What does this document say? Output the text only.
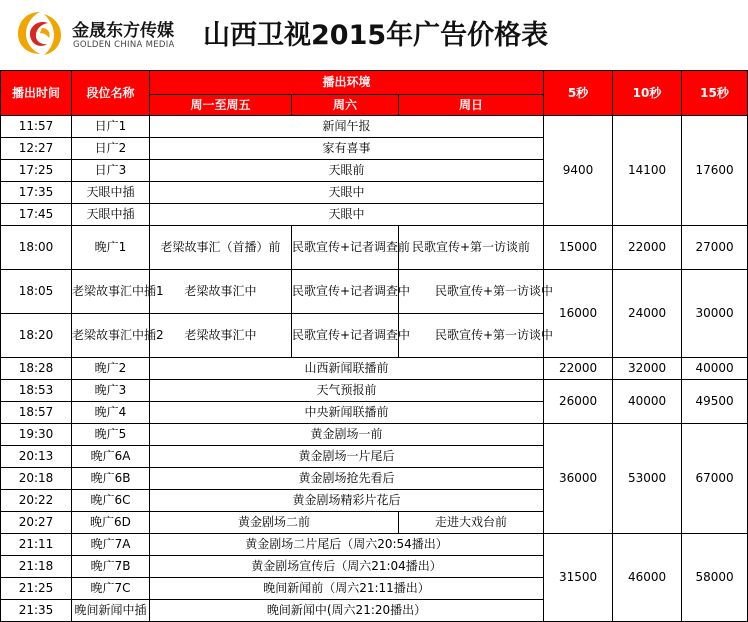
金晟东方传媒
GOLDEN CHINA MEDIA 山西卫视2015年广告价格表
播出时间	段位名称	播出环境			5秒	10秒	15秒
		周一至周五	周六	周日			
11:57	日广1	新闻午报			9400	14100	17600
12:27	日广2	家有喜事					
17:25	日广3	天眼前					
17:35	天眼中插	天眼中					
17:45	天眼中插	天眼中					
18:00	晚广1	老梁故事汇（首播）前	民歌宣传+记者调查前	民歌宣传+第一访谈前	15000	22000	27000
18:05	老梁故事汇中插1	老梁故事汇中	民歌宣传+记者调查中	民歌宣传+第一访谈中	16000	24000	30000
18:20	老梁故事汇中插2	老梁故事汇中	民歌宣传+记者调查中	民歌宣传+第一访谈中			
18:28	晚广2	山西新闻联播前			22000	32000	40000
18:53	晚广3	天气预报前			26000	40000	49500
18:57	晚广4	中央新闻联播前					
19:30	晚广5	黄金剧场一前			36000	53000	67000
20:13	晚广6A	黄金剧场一片尾后					
20:18	晚广6B	黄金剧场抢先看后					
20:22	晚广6C	黄金剧场精彩片花后					
20:27	晚广6D	黄金剧场二前		走进大戏台前			
21:11	晚广7A	黄金剧场二片尾后（周六20:54播出）			31500	46000	58000
21:18	晚广7B	黄金剧场宣传后（周六21:04播出）					
21:25	晚广7C	晚间新闻前（周六21:11播出）					
21:35	晚间新闻中插	晚间新闻中(周六21:20播出）					
